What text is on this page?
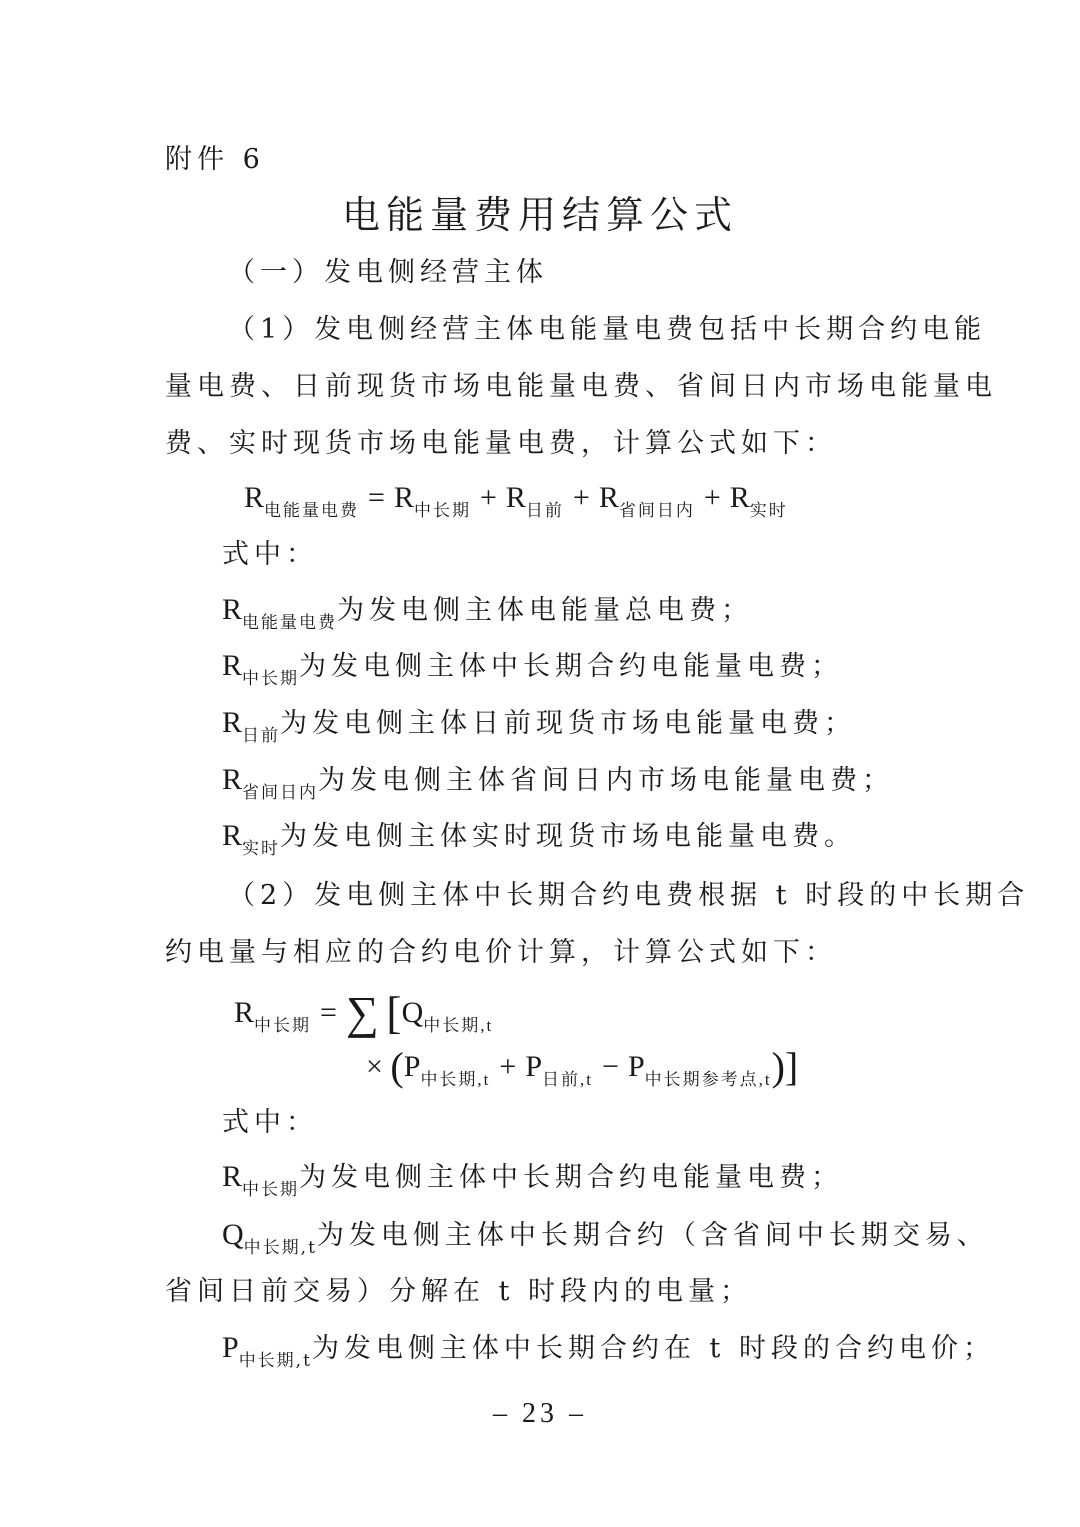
附件 6
电能量费用结算公式
（一）发电侧经营主体
（1）发电侧经营主体电能量电费包括中长期合约电能
量电费、日前现货市场电能量电费、省间日内市场电能量电
费、实时现货市场电能量电费，计算公式如下：
$R_{电能量电费} = R_{中长期} + R_{日前} + R_{省间日内} + R_{实时}$
式中：
$R_{电能量电费}$为发电侧主体电能量总电费；
$R_{中长期}$为发电侧主体中长期合约电能量电费；
$R_{日前}$为发电侧主体日前现货市场电能量电费；
$R_{省间日内}$为发电侧主体省间日内市场电能量电费；
$R_{实时}$为发电侧主体实时现货市场电能量电费。
（2）发电侧主体中长期合约电费根据 t 时段的中长期合
约电量与相应的合约电价计算，计算公式如下：
$R_{中长期}$ = ∑ [$Q_{中长期,t}$
× $(P_{中长期,t} + P_{日前,t} - P_{中长期参考点,t})$]
式中：
$R_{中长期}$为发电侧主体中长期合约电能量电费；
$Q_{中长期,t}$为发电侧主体中长期合约（含省间中长期交易、
省间日前交易）分解在 t 时段内的电量；
$P_{中长期,t}$为发电侧主体中长期合约在 t 时段的合约电价；
– 23 –
